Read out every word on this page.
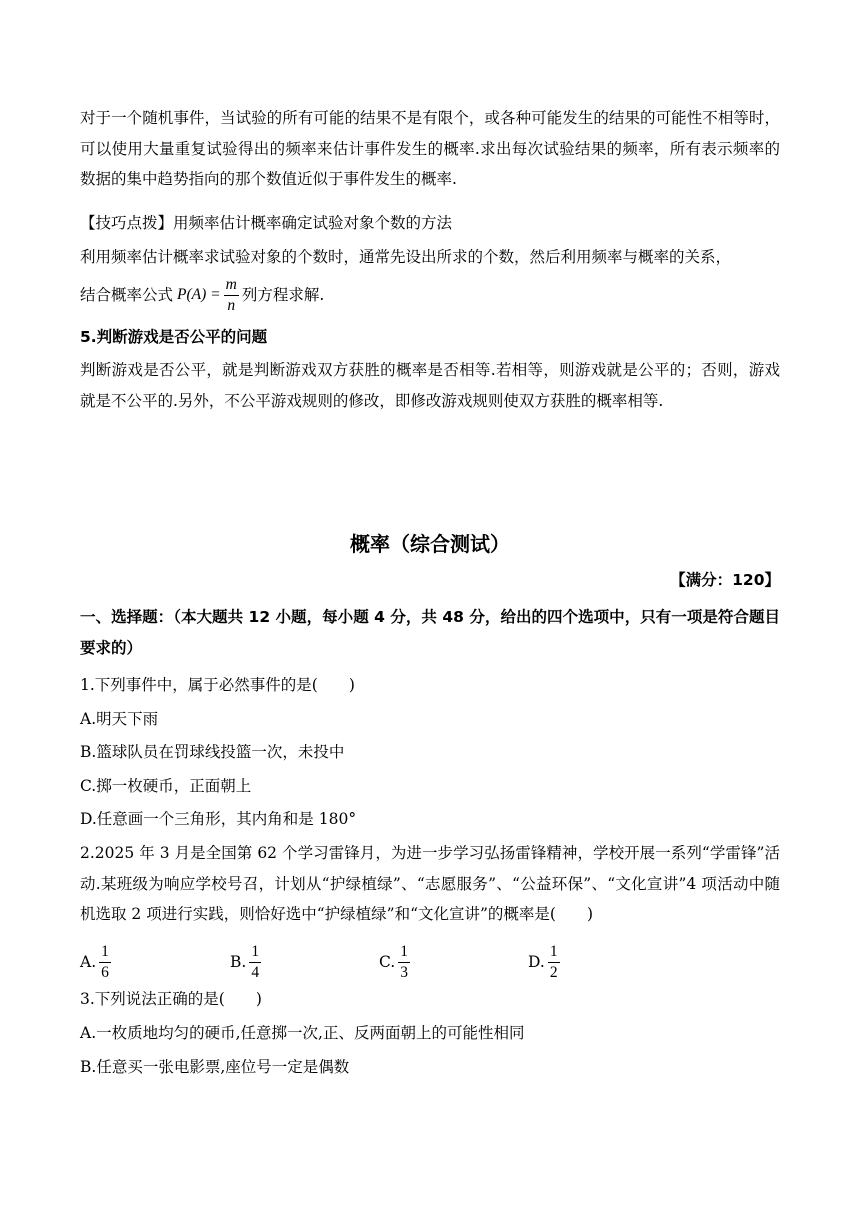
对于一个随机事件，当试验的所有可能的结果不是有限个，或各种可能发生的结果的可能性不相等时，可以使用大量重复试验得出的频率来估计事件发生的概率.求出每次试验结果的频率，所有表示频率的数据的集中趋势指向的那个数值近似于事件发生的概率.

【技巧点拨】用频率估计概率确定试验对象个数的方法

利用频率估计概率求试验对象的个数时，通常先设出所求的个数，然后利用频率与概率的关系，

结合概率公式 $P(A) = \frac{m}{n}$ 列方程求解.

5.判断游戏是否公平的问题

判断游戏是否公平，就是判断游戏双方获胜的概率是否相等.若相等，则游戏就是公平的；否则，游戏就是不公平的.另外，不公平游戏规则的修改，即修改游戏规则使双方获胜的概率相等.

概率（综合测试）

【满分：120】

一、选择题：（本大题共 12 小题，每小题 4 分，共 48 分，给出的四个选项中，只有一项是符合题目要求的）

1.下列事件中，属于必然事件的是(　　)

A.明天下雨

B.篮球队员在罚球线投篮一次，未投中

C.掷一枚硬币，正面朝上

D.任意画一个三角形，其内角和是 180°

2.2025 年 3 月是全国第 62 个学习雷锋月，为进一步学习弘扬雷锋精神，学校开展一系列“学雷锋”活动.某班级为响应学校号召，计划从“护绿植绿”、“志愿服务”、“公益环保”、“文化宣讲”4 项活动中随机选取 2 项进行实践，则恰好选中“护绿植绿”和“文化宣讲”的概率是(　　)

A. $\frac{1}{6}$	B. $\frac{1}{4}$	C. $\frac{1}{3}$	D. $\frac{1}{2}$

3.下列说法正确的是(　　)

A.一枚质地均匀的硬币,任意掷一次,正、反两面朝上的可能性相同

B.任意买一张电影票,座位号一定是偶数
